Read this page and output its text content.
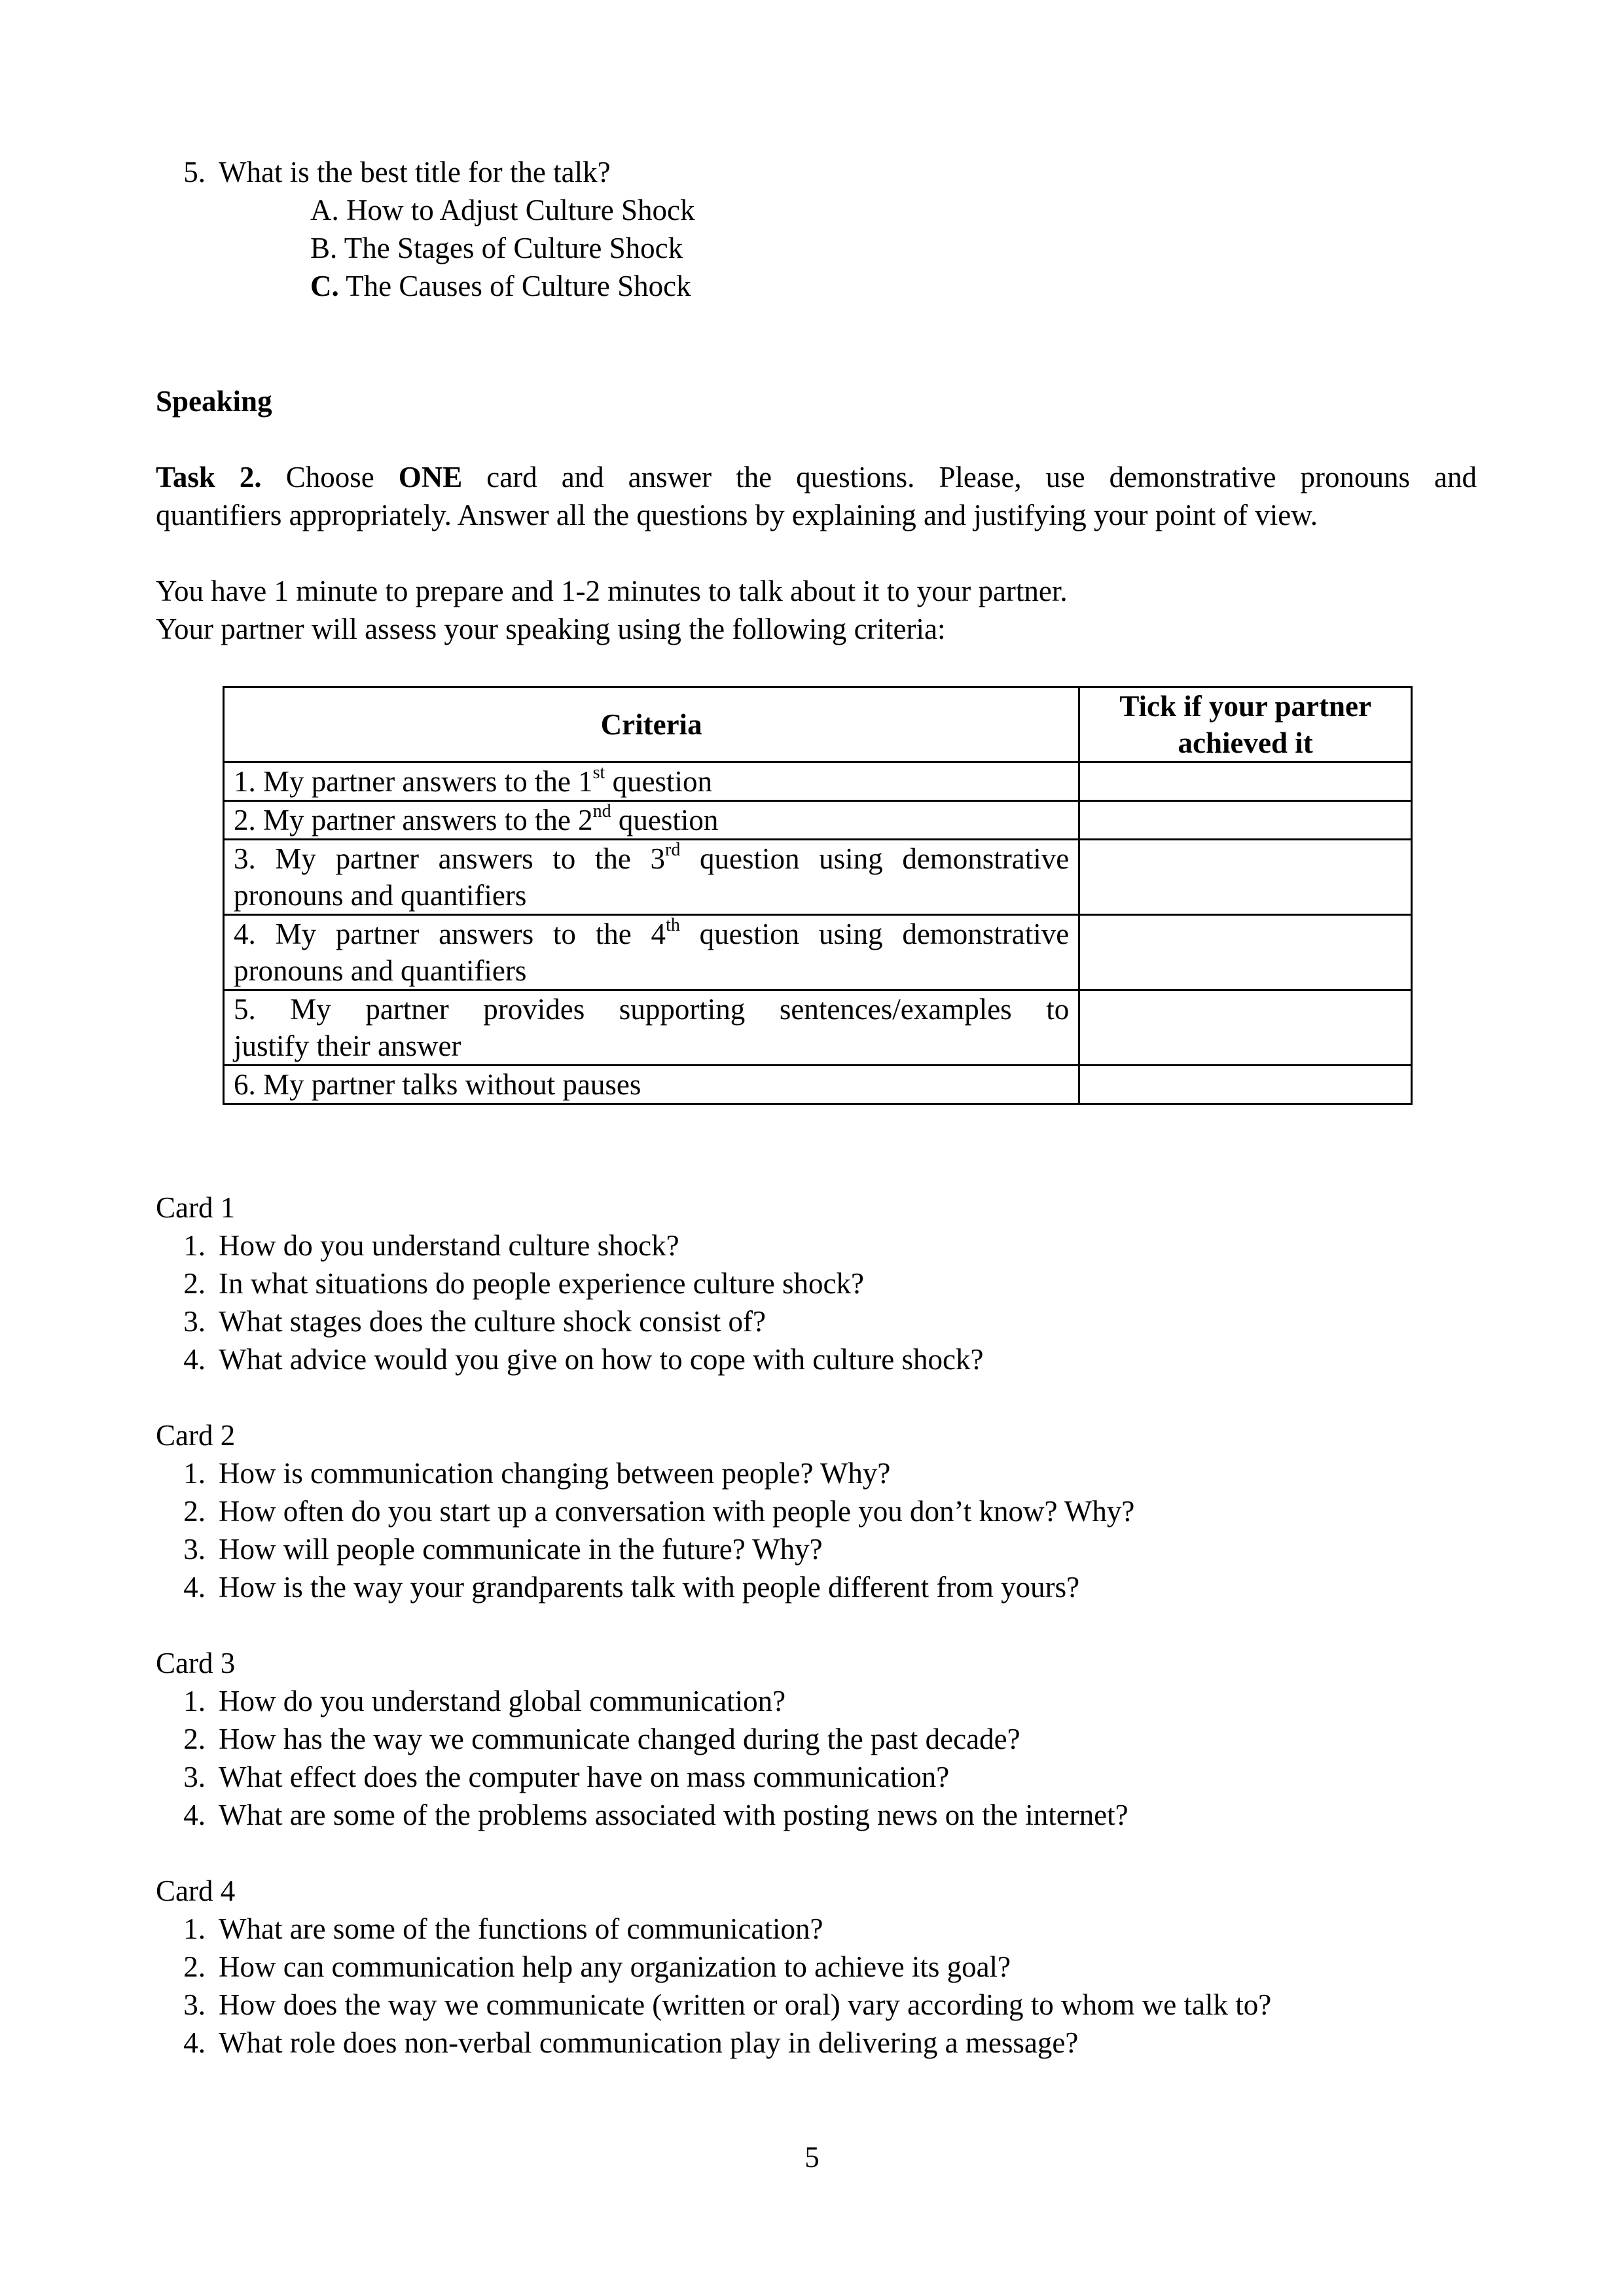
5. What is the best title for the talk?
A. How to Adjust Culture Shock
B. The Stages of Culture Shock
C. The Causes of Culture Shock
Speaking
Task 2. Choose ONE card and answer the questions. Please, use demonstrative pronouns and
quantifiers appropriately. Answer all the questions by explaining and justifying your point of view.
You have 1 minute to prepare and 1-2 minutes to talk about it to your partner.
Your partner will assess your speaking using the following criteria:
Criteria	Tick if your partner
achieved it
1. My partner answers to the 1st question	
2. My partner answers to the 2nd question	

3. My partner answers to the 3rd question using demonstrative
pronouns and quantifiers	

4. My partner answers to the 4th question using demonstrative
pronouns and quantifiers	

5. My partner provides supporting sentences/examples to
justify their answer	
6. My partner talks without pauses	
Card 1
1. How do you understand culture shock?
2. In what situations do people experience culture shock?
3. What stages does the culture shock consist of?
4. What advice would you give on how to cope with culture shock?
Card 2
1. How is communication changing between people? Why?
2. How often do you start up a conversation with people you don’t know? Why?
3. How will people communicate in the future? Why?
4. How is the way your grandparents talk with people different from yours?
Card 3
1. How do you understand global communication?
2. How has the way we communicate changed during the past decade?
3. What effect does the computer have on mass communication?
4. What are some of the problems associated with posting news on the internet?
Card 4
1. What are some of the functions of communication?
2. How can communication help any organization to achieve its goal?
3. How does the way we communicate (written or oral) vary according to whom we talk to?
4. What role does non-verbal communication play in delivering a message?
5
